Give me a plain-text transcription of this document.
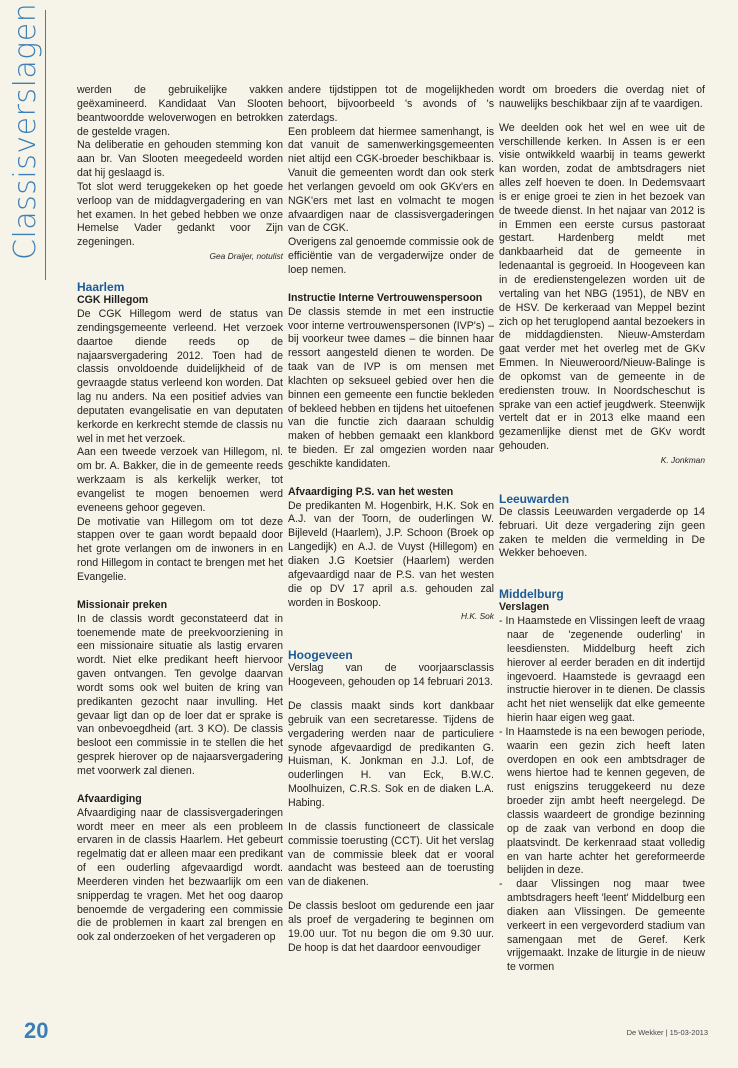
Classisverslagen	werden de gebruikelijke vakken geëxamineerd. Kandidaat Van Slooten beantwoordde weloverwogen en betrokken de gestelde vragen.

Na deliberatie en gehouden stemming kon aan br. Van Slooten meegedeeld worden dat hij geslaagd is.

Tot slot werd teruggekeken op het goede verloop van de middagvergadering en van het examen. In het gebed hebben we onze Hemelse Vader gedankt voor Zijn zegeningen.

Gea Draijer, notulist

Haarlem

CGK Hillegom

De CGK Hillegom werd de status van zendingsgemeente verleend. Het verzoek daartoe diende reeds op de najaarsvergadering 2012. Toen had de classis onvoldoende duidelijkheid of de gevraagde status verleend kon worden. Dat lag nu anders. Na een positief advies van deputaten evangelisatie en van deputaten kerkorde en kerkrecht stemde de classis nu wel in met het verzoek.

Aan een tweede verzoek van Hillegom, nl. om br. A. Bakker, die in de gemeente reeds werkzaam is als kerkelijk werker, tot evangelist te mogen benoemen werd eveneens gehoor gegeven.

De motivatie van Hillegom om tot deze stappen over te gaan wordt bepaald door het grote verlangen om de inwoners in en rond Hillegom in contact te brengen met het Evangelie.

Missionair preken

In de classis wordt geconstateerd dat in toenemende mate de preekvoorziening in een missionaire situatie als lastig ervaren wordt. Niet elke predikant heeft hiervoor gaven ontvangen. Ten gevolge daarvan wordt soms ook wel buiten de kring van predikanten gezocht naar invulling. Het gevaar ligt dan op de loer dat er sprake is van onbevoegdheid (art. 3 KO). De classis besloot een commissie in te stellen die het gesprek hierover op de najaarsvergadering met voorwerk zal dienen.

Afvaardiging

Afvaardiging naar de classisvergaderingen wordt meer en meer als een probleem ervaren in de classis Haarlem. Het gebeurt regelmatig dat er alleen maar een predikant of een ouderling afgevaardigd wordt. Meerderen vinden het bezwaarlijk om een snipperdag te vragen. Met het oog daarop benoemde de vergadering een commissie die de problemen in kaart zal brengen en ook zal onderzoeken of het vergaderen op

andere tijdstippen tot de mogelijkheden behoort, bijvoorbeeld 's avonds of 's zaterdags.

Een probleem dat hiermee samenhangt, is dat vanuit de samenwerkingsgemeenten niet altijd een CGK-broeder beschikbaar is. Vanuit die gemeenten wordt dan ook sterk het verlangen gevoeld om ook GKv'ers en NGK'ers met last en volmacht te mogen afvaardigen naar de classisvergaderingen van de CGK.

Overigens zal genoemde commissie ook de efficiëntie van de vergaderwijze onder de loep nemen.

Instructie Interne Vertrouwenspersoon

De classis stemde in met een instructie voor interne vertrouwenspersonen (IVP's) – bij voorkeur twee dames – die binnen haar ressort aangesteld dienen te worden. De taak van de IVP is om mensen met klachten op seksueel gebied over hen die binnen een gemeente een functie bekleden of bekleed hebben en tijdens het uitoefenen van die functie zich daaraan schuldig maken of hebben gemaakt een klankbord te bieden. Er zal omgezien worden naar geschikte kandidaten.

Afvaardiging P.S. van het westen

De predikanten M. Hogenbirk, H.K. Sok en A.J. van der Toorn, de ouderlingen W. Bijleveld (Haarlem), J.P. Schoon (Broek op Langedijk) en A.J. de Vuyst (Hillegom) en diaken J.G Koetsier (Haarlem) werden afgevaardigd naar de P.S. van het westen die op DV 17 april a.s. gehouden zal worden in Boskoop.

H.K. Sok

Hoogeveen

Verslag van de voorjaarsclassis Hoogeveen, gehouden op 14 februari 2013.

De classis maakt sinds kort dankbaar gebruik van een secretaresse. Tijdens de vergadering werden naar de particuliere synode afgevaardigd de predikanten G. Huisman, K. Jonkman en J.J. Lof, de ouderlingen H. van Eck, B.W.C. Moolhuizen, C.R.S. Sok en de diaken L.A. Habing.

In de classis functioneert de classicale commissie toerusting (CCT). Uit het verslag van de commissie bleek dat er vooral aandacht was besteed aan de toerusting van de diakenen.

De classis besloot om gedurende een jaar als proef de vergadering te beginnen om 19.00 uur. Tot nu begon die om 9.30 uur. De hoop is dat het daardoor eenvoudiger

wordt om broeders die overdag niet of nauwelijks beschikbaar zijn af te vaardigen.

We deelden ook het wel en wee uit de verschillende kerken. In Assen is er een visie ontwikkeld waarbij in teams gewerkt kan worden, zodat de ambtsdragers niet alles zelf hoeven te doen. In Dedemsvaart is er enige groei te zien in het bezoek van de tweede dienst. In het najaar van 2012 is in Emmen een eerste cursus pastoraat gestart. Hardenberg meldt met dankbaarheid dat de gemeente in ledenaantal is gegroeid. In Hoogeveen kan in de eredienstengelezen worden uit de vertaling van het NBG (1951), de NBV en de HSV. De kerkeraad van Meppel bezint zich op het teruglopend aantal bezoekers in de middagdiensten. Nieuw-Amsterdam gaat verder met het overleg met de GKv Emmen. In Nieuweroord/Nieuw-Balinge is de opkomst van de gemeente in de erediensten trouw. In Noordscheschut is sprake van een actief jeugdwerk. Steenwijk vertelt dat er in 2013 elke maand een gezamenlijke dienst met de GKv wordt gehouden.

K. Jonkman

Leeuwarden

De classis Leeuwarden vergaderde op 14 februari. Uit deze vergadering zijn geen zaken te melden die vermelding in De Wekker behoeven.

Middelburg

Verslagen

- In Haamstede en Vlissingen leeft de vraag naar de 'zegenende ouderling' in leesdiensten. Middelburg heeft zich hierover al eerder beraden en dit indertijd ingevoerd. Haamstede is gevraagd een instructie hierover in te dienen. De classis acht het niet wenselijk dat elke gemeente hierin haar eigen weg gaat.

- In Haamstede is na een bewogen periode, waarin een gezin zich heeft laten overdopen en ook een ambtsdrager de wens hiertoe had te kennen gegeven, de rust enigszins teruggekeerd nu deze broeder zijn ambt heeft neergelegd. De classis waardeert de grondige bezinning op de zaak van verbond en doop die plaatsvindt. De kerkenraad staat volledig en van harte achter het gereformeerde belijden in deze.

- daar Vlissingen nog maar twee ambtsdragers heeft 'leent' Middelburg een diaken aan Vlissingen. De gemeente verkeert in een vergevorderd stadium van samengaan met de Geref. Kerk vrijgemaakt. Inzake de liturgie in de nieuw te vormen

20	De Wekker | 15-03-2013
